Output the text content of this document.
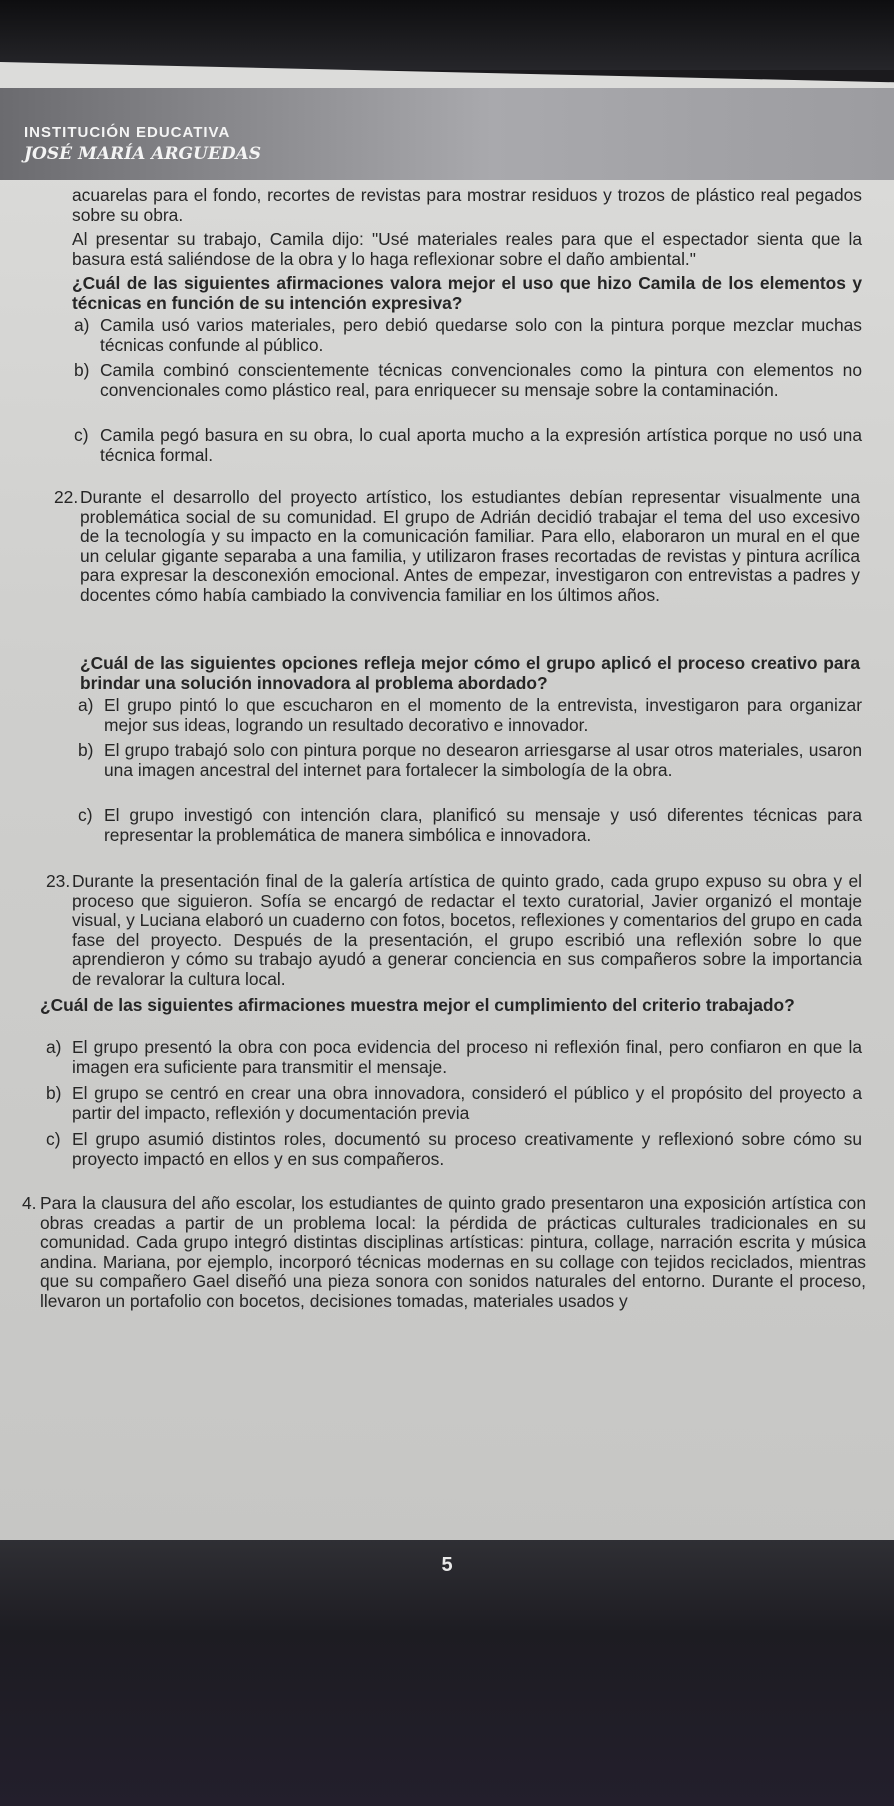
INSTITUCIÓN EDUCATIVA
JOSÉ MARÍA ARGUEDAS

acuarelas para el fondo, recortes de revistas para mostrar residuos y trozos de plástico real pegados sobre su obra.

Al presentar su trabajo, Camila dijo: "Usé materiales reales para que el espectador sienta que la basura está saliéndose de la obra y lo haga reflexionar sobre el daño ambiental."

¿Cuál de las siguientes afirmaciones valora mejor el uso que hizo Camila de los elementos y técnicas en función de su intención expresiva?

a) Camila usó varios materiales, pero debió quedarse solo con la pintura porque mezclar muchas técnicas confunde al público.
b) Camila combinó conscientemente técnicas convencionales como la pintura con elementos no convencionales como plástico real, para enriquecer su mensaje sobre la contaminación.
c) Camila pegó basura en su obra, lo cual aporta mucho a la expresión artística porque no usó una técnica formal.
22. Durante el desarrollo del proyecto artístico, los estudiantes debían representar visualmente una problemática social de su comunidad. El grupo de Adrián decidió trabajar el tema del uso excesivo de la tecnología y su impacto en la comunicación familiar. Para ello, elaboraron un mural en el que un celular gigante separaba a una familia, y utilizaron frases recortadas de revistas y pintura acrílica para expresar la desconexión emocional. Antes de empezar, investigaron con entrevistas a padres y docentes cómo había cambiado la convivencia familiar en los últimos años.

¿Cuál de las siguientes opciones refleja mejor cómo el grupo aplicó el proceso creativo para brindar una solución innovadora al problema abordado?

a) El grupo pintó lo que escucharon en el momento de la entrevista, investigaron para organizar mejor sus ideas, logrando un resultado decorativo e innovador.
b) El grupo trabajó solo con pintura porque no desearon arriesgarse al usar otros materiales, usaron una imagen ancestral del internet para fortalecer la simbología de la obra.
c) El grupo investigó con intención clara, planificó su mensaje y usó diferentes técnicas para representar la problemática de manera simbólica e innovadora.
23. Durante la presentación final de la galería artística de quinto grado, cada grupo expuso su obra y el proceso que siguieron. Sofía se encargó de redactar el texto curatorial, Javier organizó el montaje visual, y Luciana elaboró un cuaderno con fotos, bocetos, reflexiones y comentarios del grupo en cada fase del proyecto. Después de la presentación, el grupo escribió una reflexión sobre lo que aprendieron y cómo su trabajo ayudó a generar conciencia en sus compañeros sobre la importancia de revalorar la cultura local.

¿Cuál de las siguientes afirmaciones muestra mejor el cumplimiento del criterio trabajado?

a) El grupo presentó la obra con poca evidencia del proceso ni reflexión final, pero confiaron en que la imagen era suficiente para transmitir el mensaje.
b) El grupo se centró en crear una obra innovadora, consideró el público y el propósito del proyecto a partir del impacto, reflexión y documentación previa
c) El grupo asumió distintos roles, documentó su proceso creativamente y reflexionó sobre cómo su proyecto impactó en ellos y en sus compañeros.
4. Para la clausura del año escolar, los estudiantes de quinto grado presentaron una exposición artística con obras creadas a partir de un problema local: la pérdida de prácticas culturales tradicionales en su comunidad. Cada grupo integró distintas disciplinas artísticas: pintura, collage, narración escrita y música andina. Mariana, por ejemplo, incorporó técnicas modernas en su collage con tejidos reciclados, mientras que su compañero Gael diseñó una pieza sonora con sonidos naturales del entorno. Durante el proceso, llevaron un portafolio con bocetos, decisiones tomadas, materiales usados y
5
